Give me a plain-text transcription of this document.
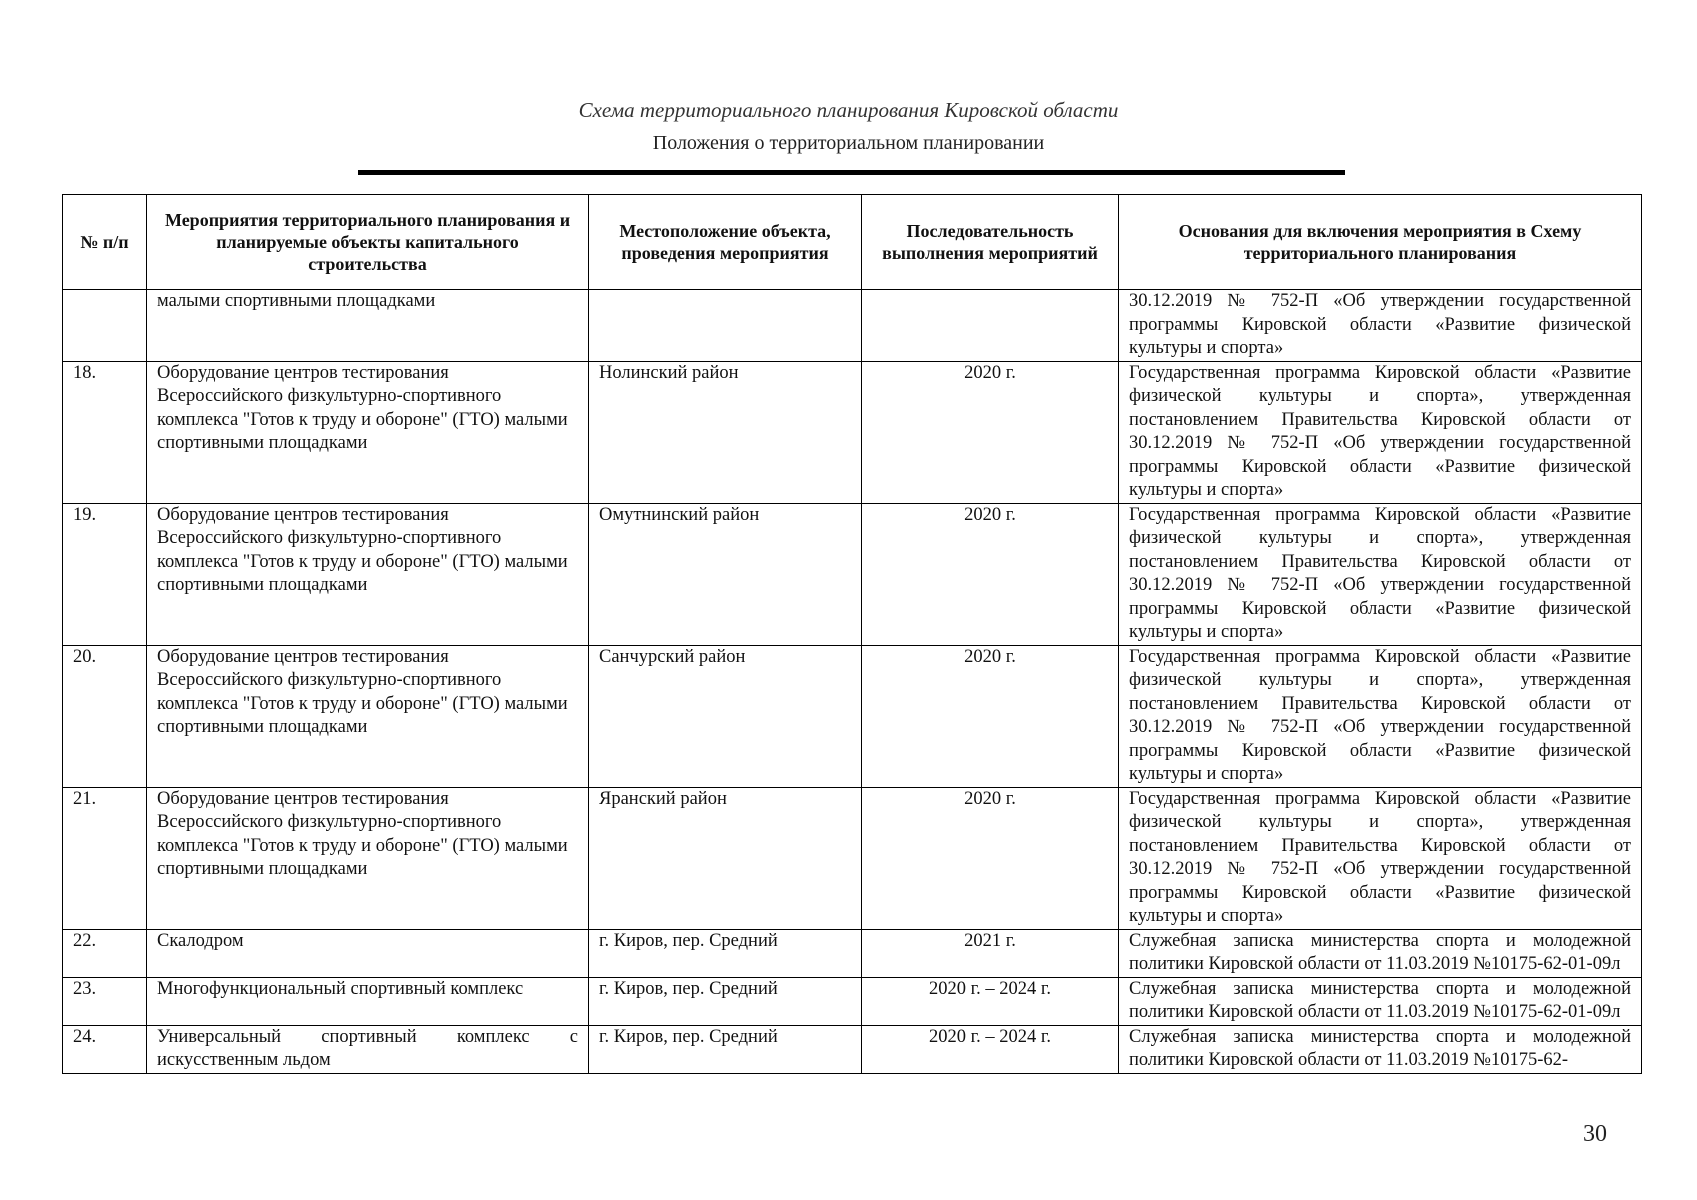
Схема территориального планирования Кировской области
Положения о территориальном планировании
№ п/п	Мероприятия территориального планирования и планируемые объекты капитального строительства	Местоположение объекта, проведения мероприятия	Последовательность выполнения мероприятий	Основания для включения мероприятия в Схему территориального планирования
	малыми спортивными площадками			30.12.2019 № 752-П «Об утверждении государственной программы Кировской области «Развитие физической культуры и спорта»
18.	Оборудование центров тестирования Всероссийского физкультурно-спортивного комплекса "Готов к труду и обороне" (ГТО) малыми спортивными площадками	Нолинский район	2020 г.	Государственная программа Кировской области «Развитие физической культуры и спорта», утвержденная постановлением Правительства Кировской области от 30.12.2019 № 752-П «Об утверждении государственной программы Кировской области «Развитие физической культуры и спорта»
19.	Оборудование центров тестирования Всероссийского физкультурно-спортивного комплекса "Готов к труду и обороне" (ГТО) малыми спортивными площадками	Омутнинский район	2020 г.	Государственная программа Кировской области «Развитие физической культуры и спорта», утвержденная постановлением Правительства Кировской области от 30.12.2019 № 752-П «Об утверждении государственной программы Кировской области «Развитие физической культуры и спорта»
20.	Оборудование центров тестирования Всероссийского физкультурно-спортивного комплекса "Готов к труду и обороне" (ГТО) малыми спортивными площадками	Санчурский район	2020 г.	Государственная программа Кировской области «Развитие физической культуры и спорта», утвержденная постановлением Правительства Кировской области от 30.12.2019 № 752-П «Об утверждении государственной программы Кировской области «Развитие физической культуры и спорта»
21.	Оборудование центров тестирования Всероссийского физкультурно-спортивного комплекса "Готов к труду и обороне" (ГТО) малыми спортивными площадками	Яранский район	2020 г.	Государственная программа Кировской области «Развитие физической культуры и спорта», утвержденная постановлением Правительства Кировской области от 30.12.2019 № 752-П «Об утверждении государственной программы Кировской области «Развитие физической культуры и спорта»
22.	Скалодром	г. Киров, пер. Средний	2021 г.	Служебная записка министерства спорта и молодежной политики Кировской области от 11.03.2019 №10175-62-01-09л
23.	Многофункциональный спортивный комплекс	г. Киров, пер. Средний	2020 г. – 2024 г.	Служебная записка министерства спорта и молодежной политики Кировской области от 11.03.2019 №10175-62-01-09л
24.	Универсальный спортивный комплекс с искусственным льдом	г. Киров, пер. Средний	2020 г. – 2024 г.	Служебная записка министерства спорта и молодежной политики Кировской области от 11.03.2019 №10175-62-
30
